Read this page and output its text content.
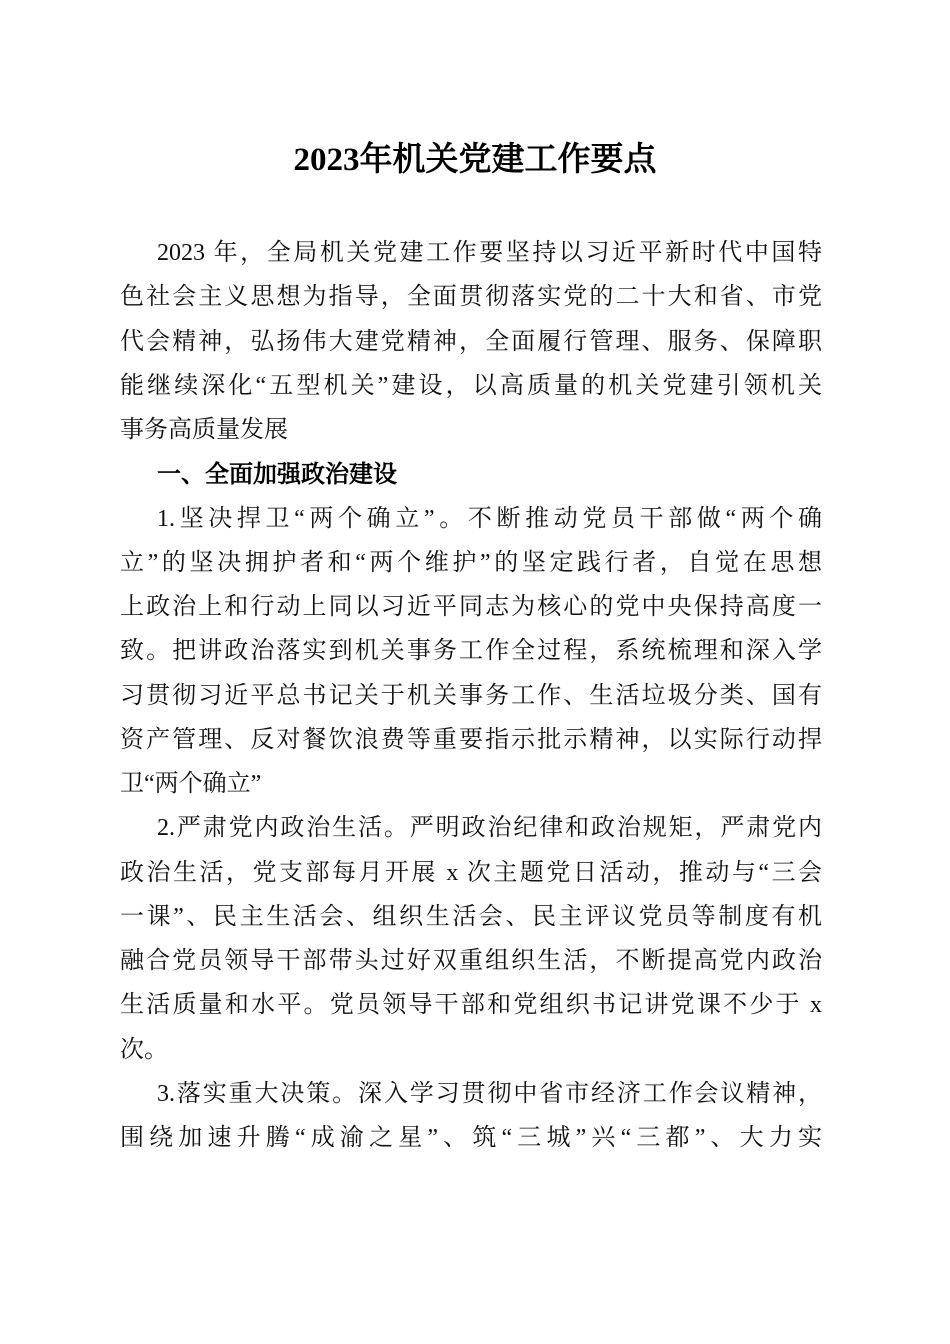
2023年机关党建工作要点
2023 年，全局机关党建工作要坚持以习近平新时代中国特
色社会主义思想为指导，全面贯彻落实党的二十大和省、市党
代会精神，弘扬伟大建党精神，全面履行管理、服务、保障职
能继续深化“五型机关”建设，以高质量的机关党建引领机关
事务高质量发展
一、全面加强政治建设
1.坚决捍卫“两个确立”。不断推动党员干部做“两个确
立”的坚决拥护者和“两个维护”的坚定践行者，自觉在思想
上政治上和行动上同以习近平同志为核心的党中央保持高度一
致。把讲政治落实到机关事务工作全过程，系统梳理和深入学
习贯彻习近平总书记关于机关事务工作、生活垃圾分类、国有
资产管理、反对餐饮浪费等重要指示批示精神，以实际行动捍
卫“两个确立”
2.严肃党内政治生活。严明政治纪律和政治规矩，严肃党内
政治生活，党支部每月开展 x 次主题党日活动，推动与“三会
一课”、民主生活会、组织生活会、民主评议党员等制度有机
融合党员领导干部带头过好双重组织生活，不断提高党内政治
生活质量和水平。党员领导干部和党组织书记讲党课不少于 x
次。
3.落实重大决策。深入学习贯彻中省市经济工作会议精神，
围绕加速升腾“成渝之星”、筑“三城”兴“三都”、大力实
